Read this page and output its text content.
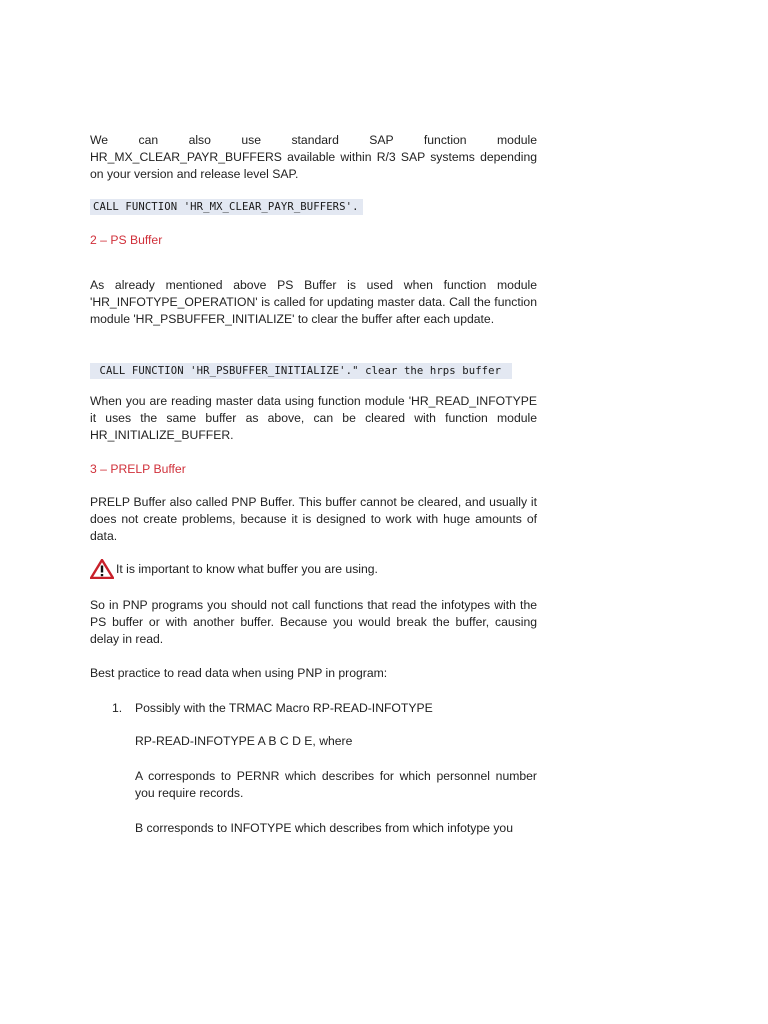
We can also use standard SAP function module HR_MX_CLEAR_PAYR_BUFFERS available within R/3 SAP systems depending on your version and release level SAP.

CALL FUNCTION 'HR_MX_CLEAR_PAYR_BUFFERS'.

2 – PS Buffer

As already mentioned above PS Buffer is used when function module 'HR_INFOTYPE_OPERATION' is called for updating master data. Call the function module 'HR_PSBUFFER_INITIALIZE' to clear the buffer after each update.

CALL FUNCTION 'HR_PSBUFFER_INITIALIZE'." clear the hrps buffer

When you are reading master data using function module 'HR_READ_INFOTYPE it uses the same buffer as above, can be cleared with function module HR_INITIALIZE_BUFFER.

3 – PRELP Buffer

PRELP Buffer also called PNP Buffer. This buffer cannot be cleared, and usually it does not create problems, because it is designed to work with huge amounts of data.

It is important to know what buffer you are using.

So in PNP programs you should not call functions that read the infotypes with the PS buffer or with another buffer. Because you would break the buffer, causing delay in read.

Best practice to read data when using PNP in program:

1. Possibly with the TRMAC Macro RP-READ-INFOTYPE

RP-READ-INFOTYPE A B C D E, where

A corresponds to PERNR which describes for which personnel number you require records.

B corresponds to INFOTYPE which describes from which infotype you
